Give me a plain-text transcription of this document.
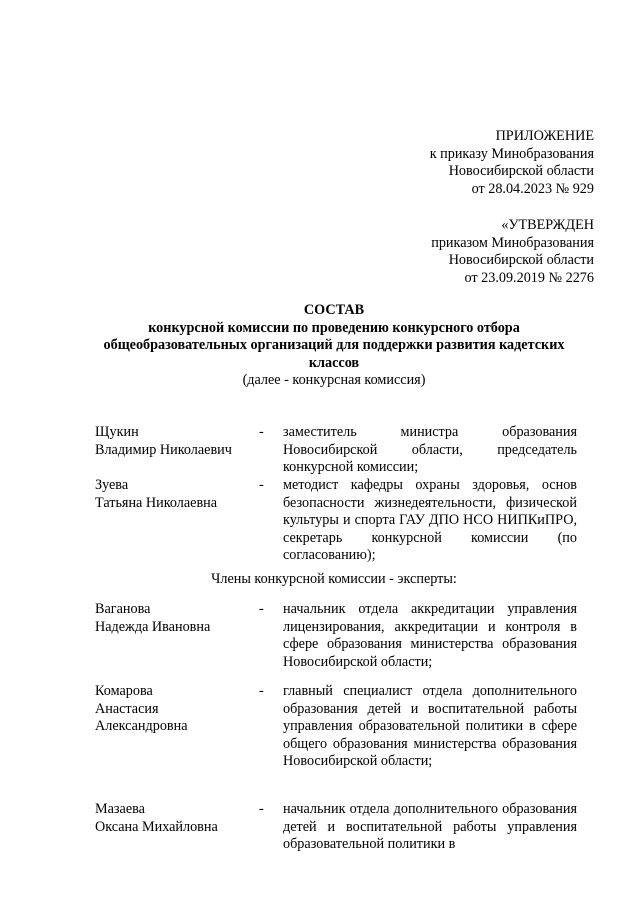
ПРИЛОЖЕНИЕ
к приказу Минобразования
Новосибирской области
от 28.04.2023 № 929
«УТВЕРЖДЕН
приказом Минобразования
Новосибирской области
от 23.09.2019 № 2276
СОСТАВ
конкурсной комиссии по проведению конкурсного отбора общеобразовательных организаций для поддержки развития кадетских классов
(далее - конкурсная комиссия)
Щукин
Владимир Николаевич
- заместитель министра образования Новосибирской области, председатель конкурсной комиссии;
Зуева
Татьяна Николаевна
- методист кафедры охраны здоровья, основ безопасности жизнедеятельности, физической культуры и спорта ГАУ ДПО НСО НИПКиПРО, секретарь конкурсной комиссии (по согласованию);
Члены конкурсной комиссии - эксперты:
Ваганова
Надежда Ивановна
- начальник отдела аккредитации управления лицензирования, аккредитации и контроля в сфере образования министерства образования Новосибирской области;
Комарова
Анастасия
Александровна
- главный специалист отдела дополнительного образования детей и воспитательной работы управления образовательной политики в сфере общего образования министерства образования Новосибирской области;
Мазаева
Оксана Михайловна
- начальник отдела дополнительного образования детей и воспитательной работы управления образовательной политики в
